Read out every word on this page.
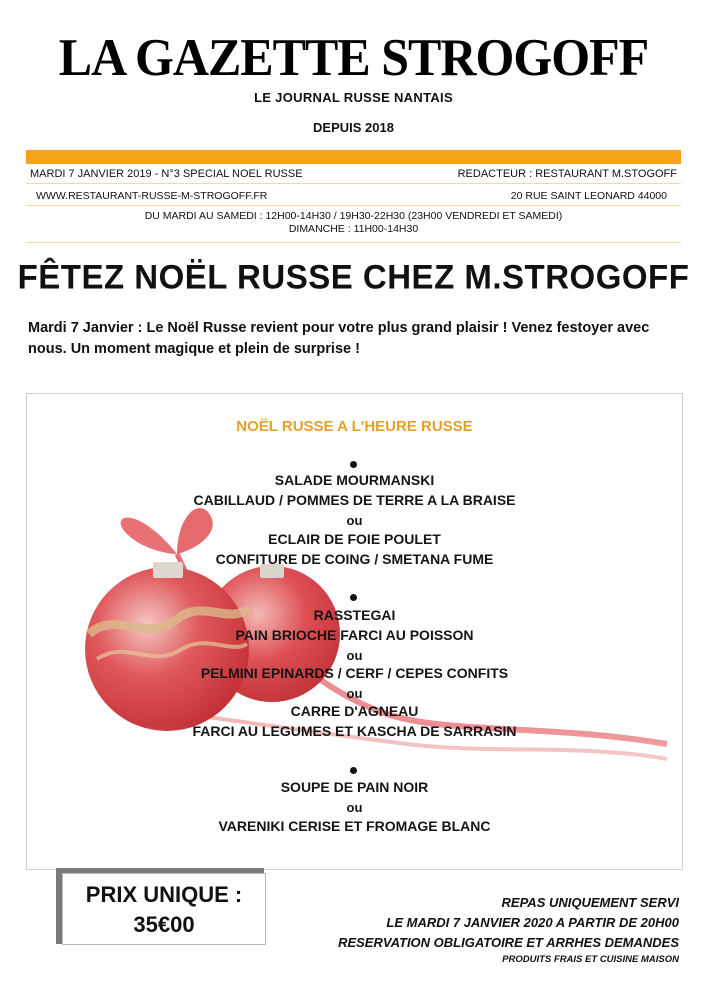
LA GAZETTE STROGOFF
LE JOURNAL RUSSE NANTAIS
DEPUIS 2018
MARDI 7 JANVIER 2019 - N°3 SPECIAL NOEL RUSSE	REDACTEUR : RESTAURANT M.STOGOFF
WWW.RESTAURANT-RUSSE-M-STROGOFF.FR	20 RUE SAINT LEONARD 44000
DU MARDI AU SAMEDI : 12H00-14H30 / 19H30-22H30 (23H00 VENDREDI ET SAMEDI)
DIMANCHE : 11H00-14H30
FÊTEZ NOËL RUSSE CHEZ M.STROGOFF
Mardi 7 Janvier : Le Noël Russe revient pour votre plus grand plaisir ! Venez festoyer avec nous. Un moment magique et plein de surprise !
NOËL RUSSE A L'HEURE RUSSE
SALADE MOURMANSKI
CABILLAUD / POMMES DE TERRE A LA BRAISE
ou
ECLAIR DE FOIE POULET
CONFITURE DE COING / SMETANA FUME
RASSTEGAI
PAIN BRIOCHE FARCI AU POISSON
ou
PELMINI EPINARDS / CERF / CEPES CONFITS
ou
CARRE D'AGNEAU
FARCI AU LEGUMES ET KASCHA DE SARRASIN
SOUPE DE PAIN NOIR
ou
VARENIKI CERISE ET FROMAGE BLANC
PRIX UNIQUE :
35€00
REPAS UNIQUEMENT SERVI
LE MARDI 7 JANVIER 2020 A PARTIR DE 20H00
RESERVATION OBLIGATOIRE ET ARRHES DEMANDES
PRODUITS FRAIS ET CUISINE MAISON
